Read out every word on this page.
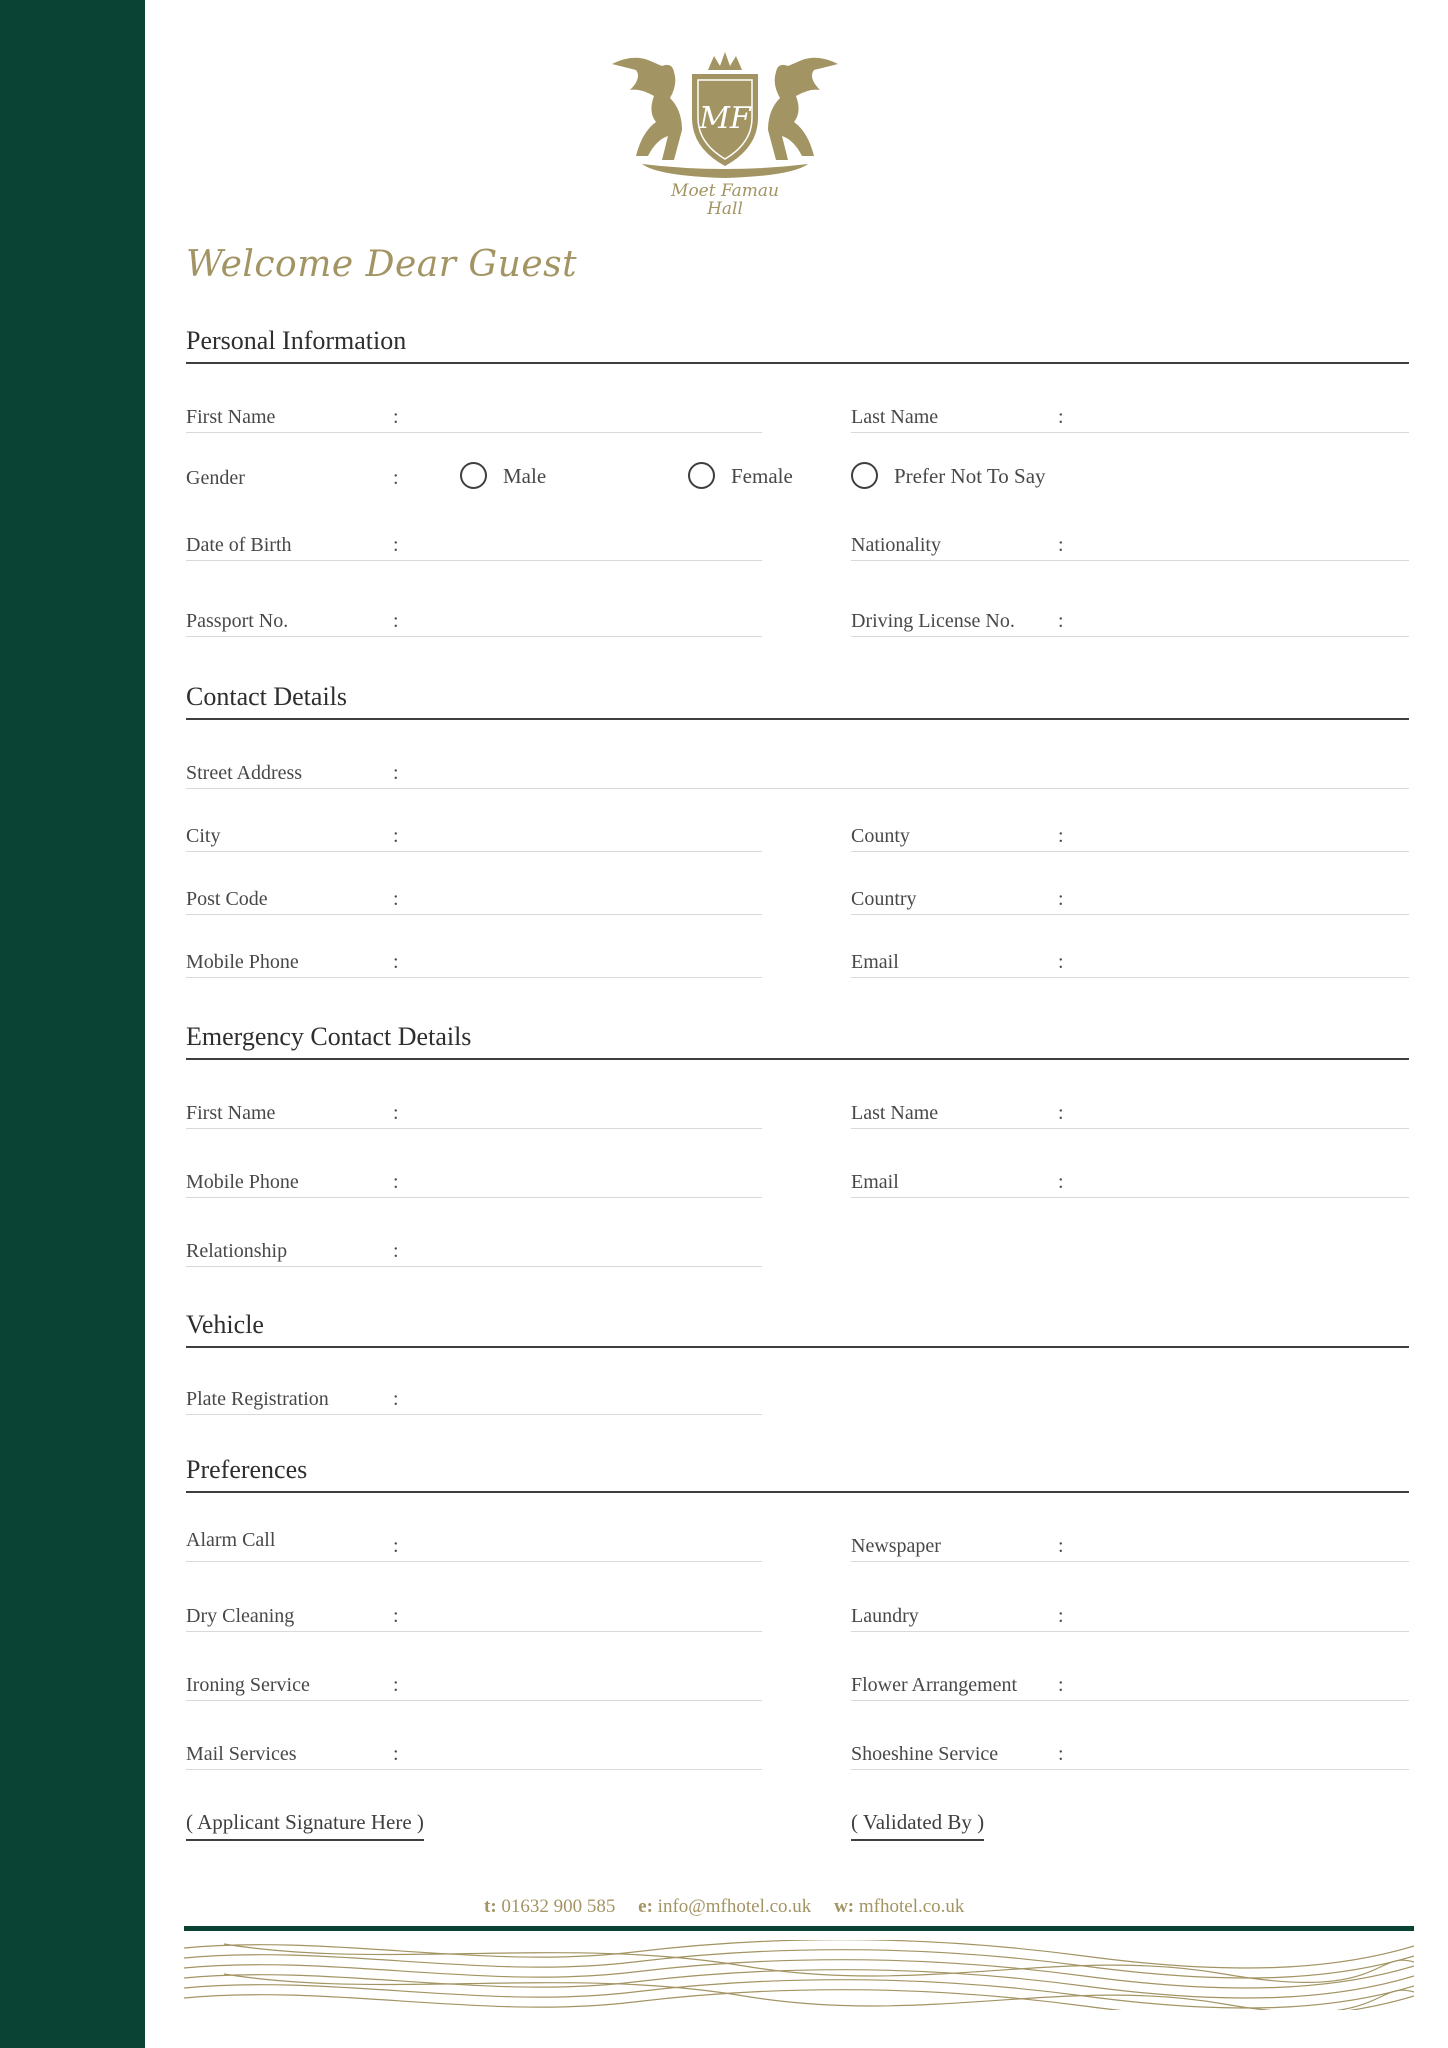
MF
Moet Famau
Hall
Welcome Dear Guest
Personal Information
First Name	:	Last Name	:
Gender	:	Male	Female	Prefer Not To Say
Date of Birth	:	Nationality	:
Passport No.	:	Driving License No. :
Contact Details
Street Address	:
City	:	County	:
Post Code	:	Country	:
Mobile Phone	:	Email	:
Emergency Contact Details
First Name	:	Last Name	:
Mobile Phone	:	Email	:
Relationship	:
Vehicle
Plate Registration	:
Preferences
Alarm Call	:	Newspaper	:
Dry Cleaning	:	Laundry	:
Ironing Service	:	Flower Arrangement :
Mail Services	:	Shoeshine Service	:
( Applicant Signature Here )	( Validated By )
t: 01632 900 585 e: info@mfhotel.co.uk w: mfhotel.co.uk
